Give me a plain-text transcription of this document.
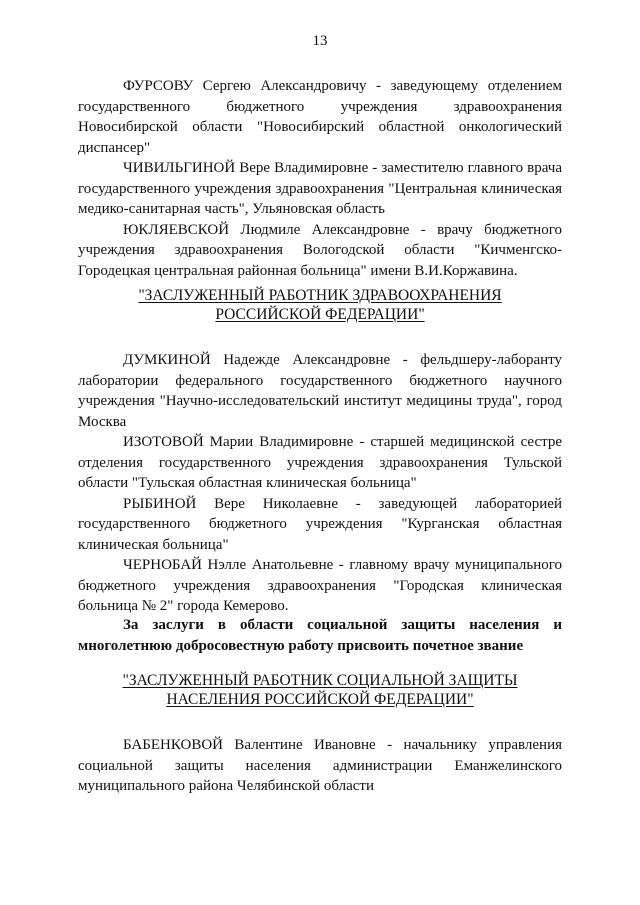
13

ФУРСОВУ Сергею Александровичу - заведующему отделением государственного бюджетного учреждения здравоохранения Новосибирской области "Новосибирский областной онкологический диспансер"

ЧИВИЛЬГИНОЙ Вере Владимировне - заместителю главного врача государственного учреждения здравоохранения "Центральная клиническая медико-санитарная часть", Ульяновская область

ЮКЛЯЕВСКОЙ Людмиле Александровне - врачу бюджетного учреждения здравоохранения Вологодской области "Кичменгско-Городецкая центральная районная больница" имени В.И.Коржавина.

"ЗАСЛУЖЕННЫЙ РАБОТНИК ЗДРАВООХРАНЕНИЯ

РОССИЙСКОЙ ФЕДЕРАЦИИ"

ДУМКИНОЙ Надежде Александровне - фельдшеру-лаборанту лаборатории федерального государственного бюджетного научного учреждения "Научно-исследовательский институт медицины труда", город Москва

ИЗОТОВОЙ Марии Владимировне - старшей медицинской сестре отделения государственного учреждения здравоохранения Тульской области "Тульская областная клиническая больница"

РЫБИНОЙ Вере Николаевне - заведующей лабораторией государственного бюджетного учреждения "Курганская областная клиническая больница"

ЧЕРНОБАЙ Нэлле Анатольевне - главному врачу муниципального бюджетного учреждения здравоохранения "Городская клиническая больница № 2" города Кемерово.

За заслуги в области социальной защиты населения и многолетнюю добросовестную работу присвоить почетное звание

"ЗАСЛУЖЕННЫЙ РАБОТНИК СОЦИАЛЬНОЙ ЗАЩИТЫ

НАСЕЛЕНИЯ РОССИЙСКОЙ ФЕДЕРАЦИИ"

БАБЕНКОВОЙ Валентине Ивановне - начальнику управления социальной защиты населения администрации Еманжелинского муниципального района Челябинской области
